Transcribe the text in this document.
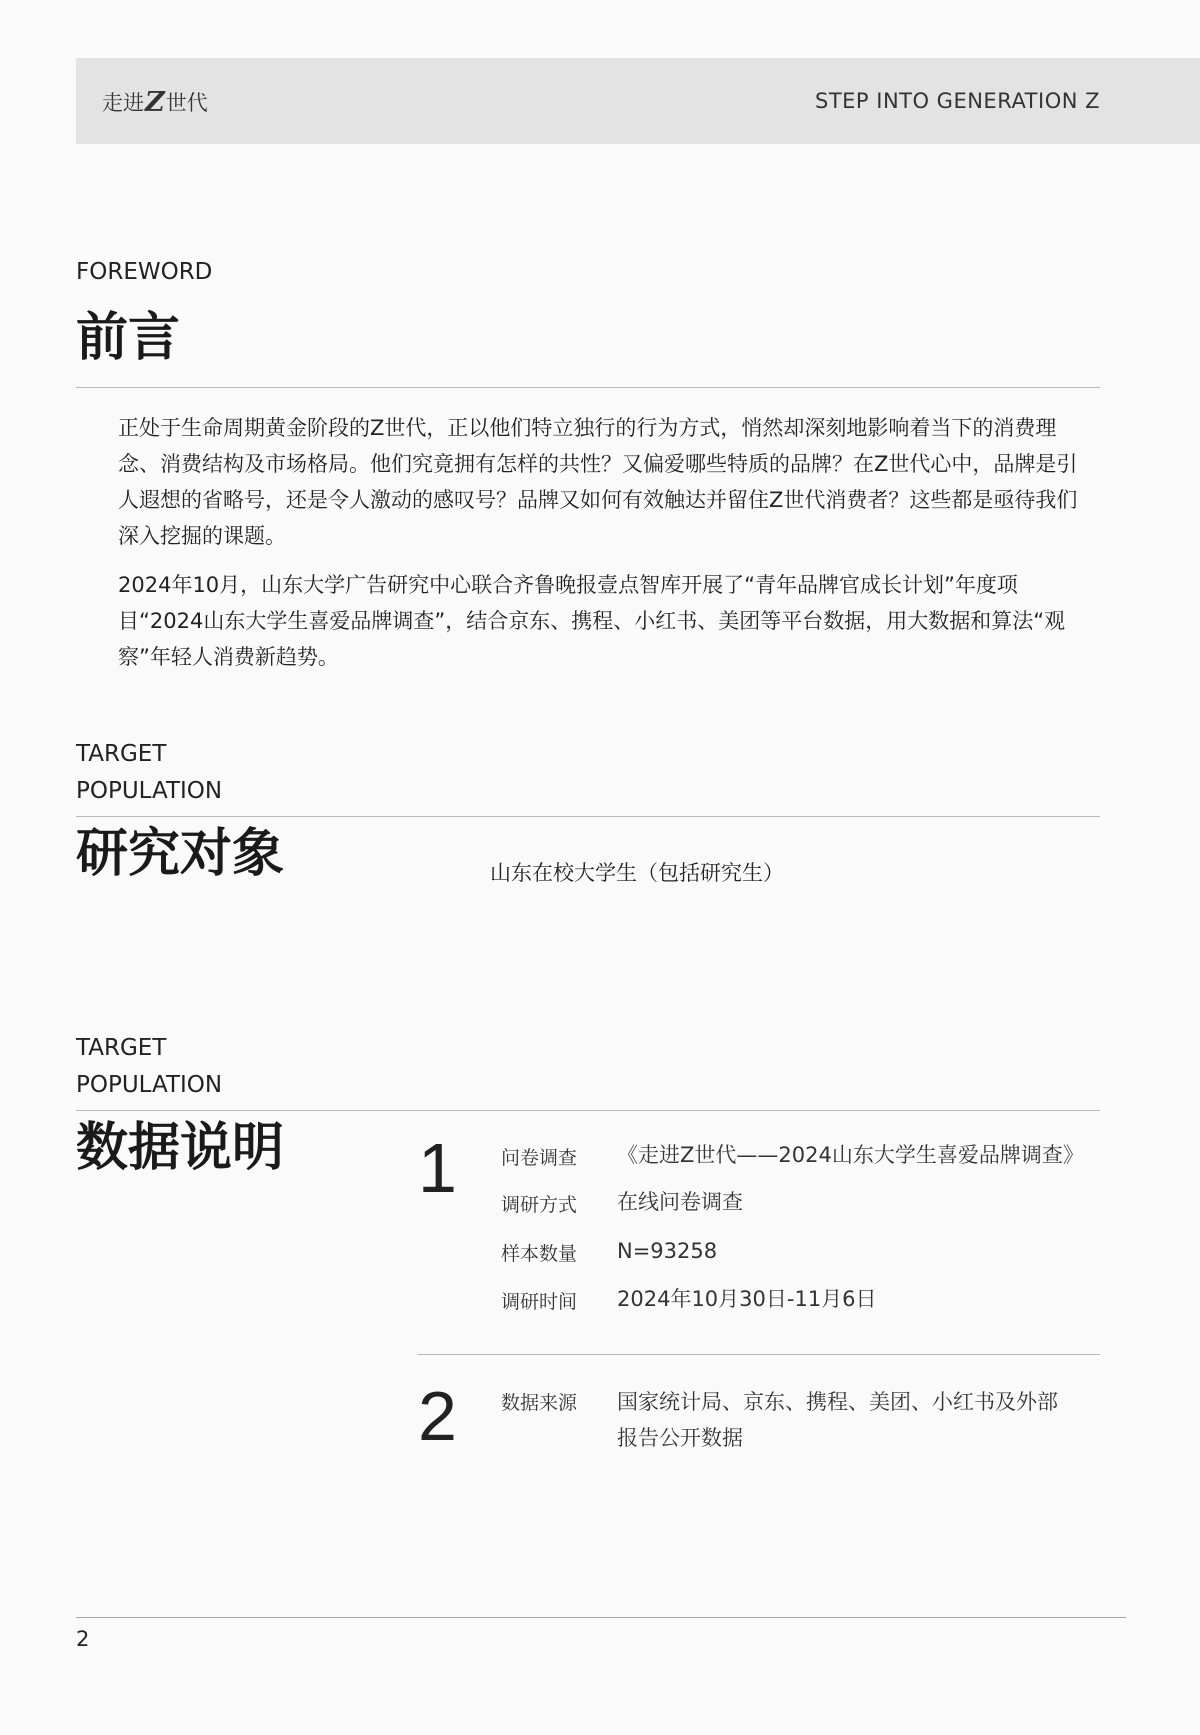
走进 Z 世代	STEP INTO GENERATION Z
FOREWORD
前言

正处于生命周期黄金阶段的Z世代，正以他们特立独行的行为方式，悄然却深刻地影响着当下的消费理念、消费结构及市场格局。他们究竟拥有怎样的共性？又偏爱哪些特质的品牌？在Z世代心中，品牌是引人遐想的省略号，还是令人激动的感叹号？品牌又如何有效触达并留住Z世代消费者？这些都是亟待我们深入挖掘的课题。

2024年10月，山东大学广告研究中心联合齐鲁晚报壹点智库开展了“青年品牌官成长计划”年度项目“2024山东大学生喜爱品牌调查”，结合京东、携程、小红书、美团等平台数据，用大数据和算法“观察”年轻人消费新趋势。

TARGET
POPULATION
研究对象	山东在校大学生（包括研究生）
TARGET
POPULATION
数据说明 1 问卷调查 《走进Z世代——2024山东大学生喜爱品牌调查》
调研方式 在线问卷调查
样本数量 N=93258
调研时间 2024年10月30日-11月6日
2 数据来源 国家统计局、京东、携程、美团、小红书及外部
报告公开数据
2
